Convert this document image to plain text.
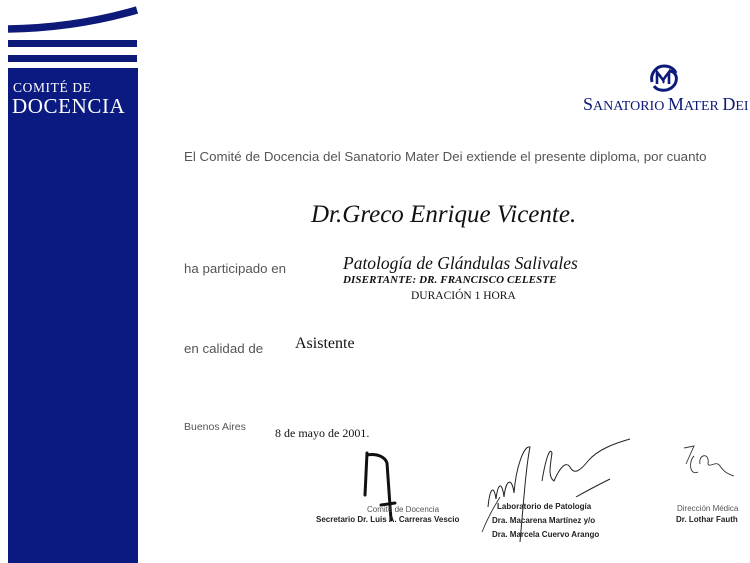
COMITÉ DE
DOCENCIA	SANATORIO MATER DEI
El Comité de Docencia del Sanatorio Mater Dei extiende el presente diploma, por cuanto
Dr.Greco Enrique Vicente.
ha participado en	Patología de Glándulas Salivales
DISERTANTE: DR. FRANCISCO CELESTE
DURACIÓN 1 HORA
en calidad de Asistente
Buenos Aires 8 de mayo de 2001.
Comité de Docencia
Secretario Dr. Luis A. Carreras Vescio
Laboratorio de Patología
Dra. Macarena Martínez y/o
Dra. Marcela Cuervo Arango
Dirección Médica
Dr. Lothar Fauth
